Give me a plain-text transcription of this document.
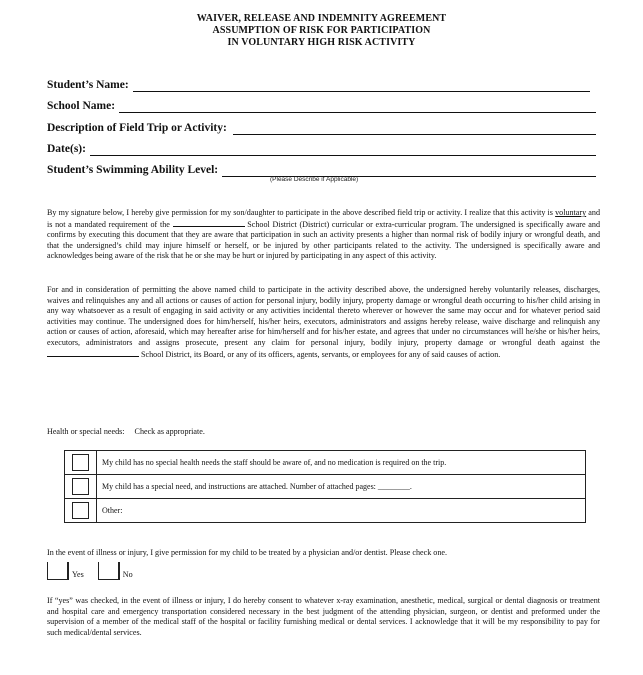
WAIVER, RELEASE AND INDEMNITY AGREEMENT
ASSUMPTION OF RISK FOR PARTICIPATION
IN VOLUNTARY HIGH RISK ACTIVITY
Student’s Name:
School Name:
Description of Field Trip or Activity:
Date(s):
Student’s Swimming Ability Level:
(Please Describe if Applicable)
By my signature below, I hereby give permission for my son/daughter to participate in the above described field trip or activity. I realize that this activity is voluntary and is not a mandated requirement of the	School District (District) curricular or extra-curricular program. The undersigned is specifically aware and confirms by executing this document that they are aware that participation in such an activity presents a higher than normal risk of bodily injury or wrongful death, and that the undersigned’s child may injure himself or herself, or be injured by other participants related to the activity. The undersigned is specifically aware and acknowledges being aware of the risk that he or she may be hurt or injured by participating in any aspect of this activity.
For and in consideration of permitting the above named child to participate in the activity described above, the undersigned hereby voluntarily releases, discharges, waives and relinquishes any and all actions or causes of action for personal injury, bodily injury, property damage or wrongful death occurring to his/her child arising in any way whatsoever as a result of engaging in said activity or any activities incidental thereto wherever or however the same may occur and for whatever period said activities may continue. The undersigned does for him/herself, his/her heirs, executors, administrators and assigns hereby release, waive discharge and relinquish any action or causes of action, aforesaid, which may hereafter arise for him/herself and for his/her estate, and agrees that under no circumstances will he/she or his/her heirs, executors, administrators and assigns prosecute, present any claim for personal injury, bodily injury, property damage or wrongful death against the  School District, its Board, or any of its officers, agents, servants, or employees for any of said causes of action.
Health or special needs: Check as appropriate.
	My child has no special health needs the staff should be aware of, and no medication is required on the trip.
	My child has a special need, and instructions are attached. Number of attached pages: ________.
	Other:
In the event of illness or injury, I give permission for my child to be treated by a physician and/or dentist. Please check one.
Yes	No
If “yes” was checked, in the event of illness or injury, I do hereby consent to whatever x-ray examination, anesthetic, medical, surgical or dental diagnosis or treatment and hospital care and emergency transportation considered necessary in the best judgment of the attending physician, surgeon, or dentist and preformed under the supervision of a member of the medical staff of the hospital or facility furnishing medical or dental services. I acknowledge that it will be my responsibility to pay for such medical/dental services.
